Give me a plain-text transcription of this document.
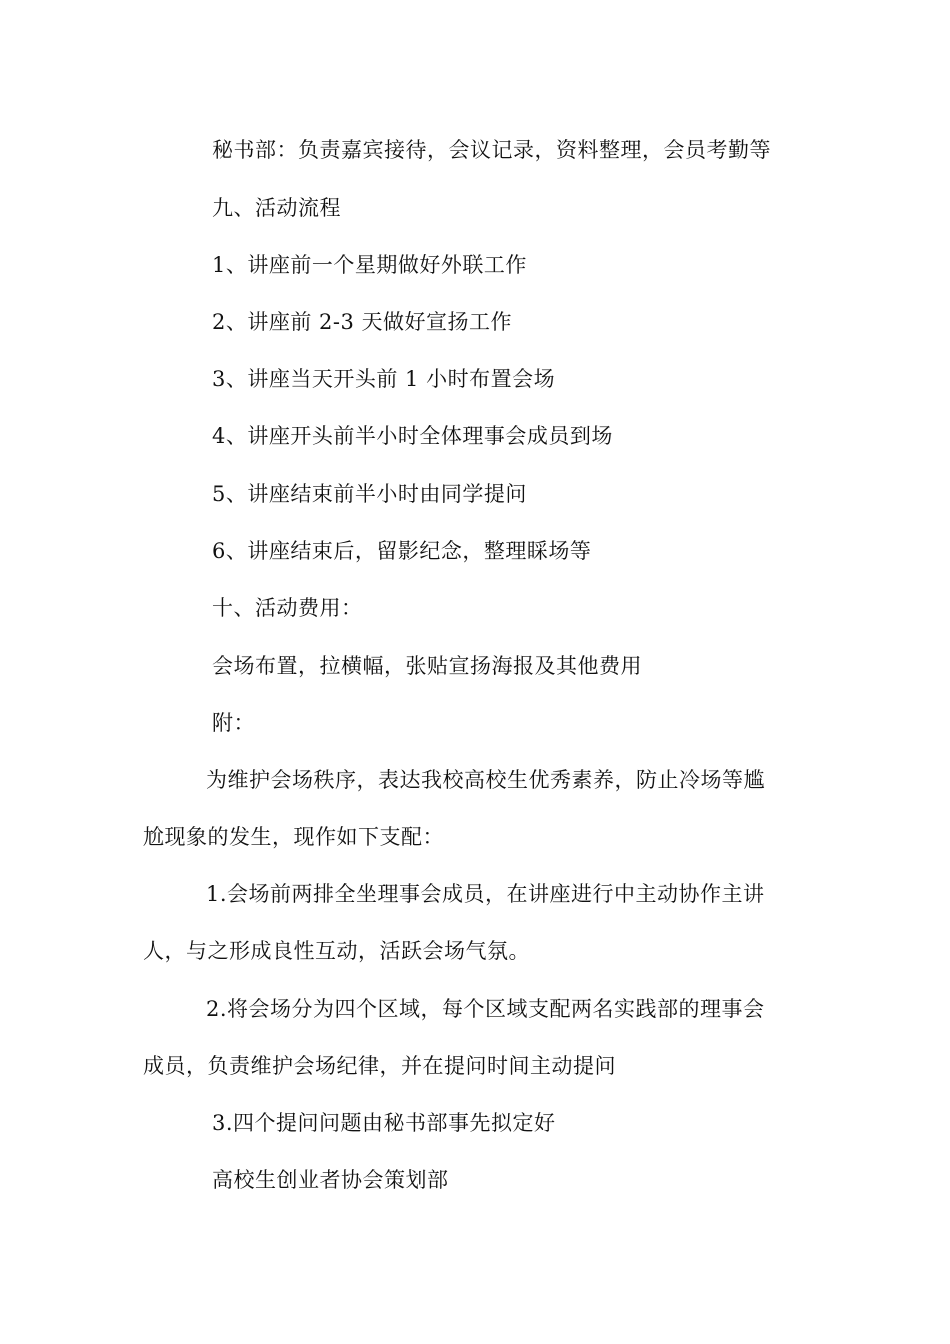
秘书部：负责嘉宾接待，会议记录，资料整理，会员考勤等
九、活动流程
1、讲座前一个星期做好外联工作
2、讲座前 2-3 天做好宣扬工作
3、讲座当天开头前 1 小时布置会场
4、讲座开头前半小时全体理事会成员到场
5、讲座结束前半小时由同学提问
6、讲座结束后，留影纪念，整理睬场等
十、活动费用：
会场布置，拉横幅，张贴宣扬海报及其他费用
附：
为维护会场秩序，表达我校高校生优秀素养，防止冷场等尴
尬现象的发生，现作如下支配：
1.会场前两排全坐理事会成员，在讲座进行中主动协作主讲
人，与之形成良性互动，活跃会场气氛。
2.将会场分为四个区域，每个区域支配两名实践部的理事会
成员，负责维护会场纪律，并在提问时间主动提问
3.四个提问问题由秘书部事先拟定好
高校生创业者协会策划部
